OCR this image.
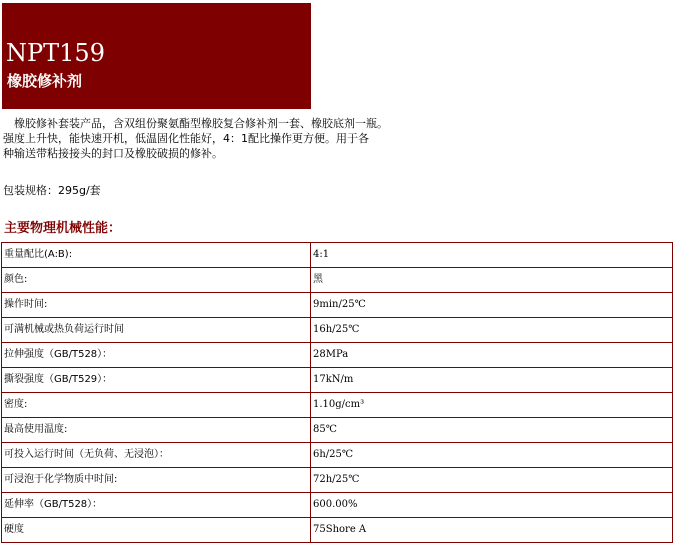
NPT159
橡胶修补剂
　橡胶修补套装产品，含双组份聚氨酯型橡胶复合修补剂一套、橡胶底剂一瓶。
强度上升快，能快速开机，低温固化性能好，4：1配比操作更方便。用于各
种输送带粘接接头的封口及橡胶破损的修补。
包装规格：295g/套
主要物理机械性能：
重量配比(A:B):	4:1
颜色:	黑
操作时间:	9min/25℃
可满机械或热负荷运行时间	16h/25℃
拉伸强度（GB/T528）：	28MPa
撕裂强度（GB/T529）：	17kN/m
密度:	1.10g/cm³
最高使用温度:	85℃
可投入运行时间（无负荷、无浸泡）：	6h/25℃
可浸泡于化学物质中时间:	72h/25℃
延伸率（GB/T528）：	600.00%
硬度	75Shore A
